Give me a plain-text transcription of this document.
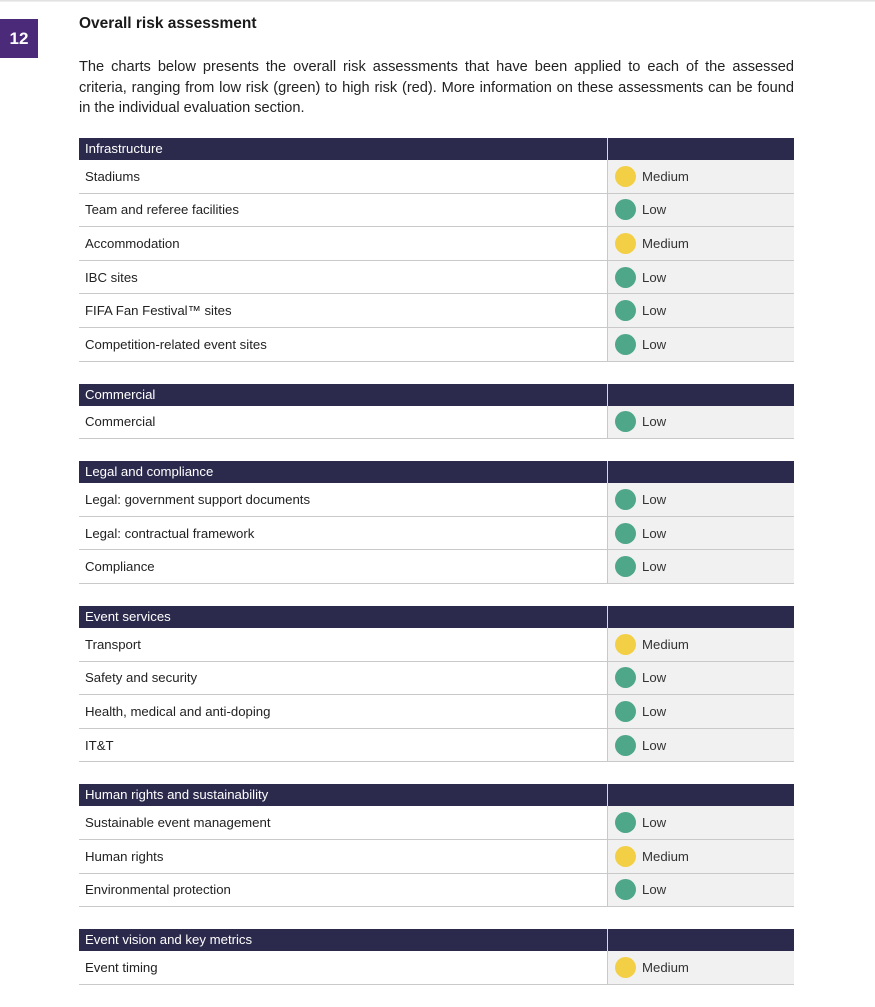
12
Overall risk assessment
The charts below presents the overall risk assessments that have been applied to each of the assessed criteria, ranging from low risk (green) to high risk (red). More information on these assessments can be found in the individual evaluation section.
Infrastructure
Stadiums	Medium
Team and referee facilities	Low
Accommodation	Medium
IBC sites	Low
FIFA Fan Festival™ sites	Low
Competition-related event sites	Low
Commercial
Commercial	Low
Legal and compliance
Legal: government support documents	Low
Legal: contractual framework	Low
Compliance	Low
Event services
Transport	Medium
Safety and security	Low
Health, medical and anti-doping	Low
IT&T	Low
Human rights and sustainability
Sustainable event management	Low
Human rights	Medium
Environmental protection	Low
Event vision and key metrics
Event timing	Medium
